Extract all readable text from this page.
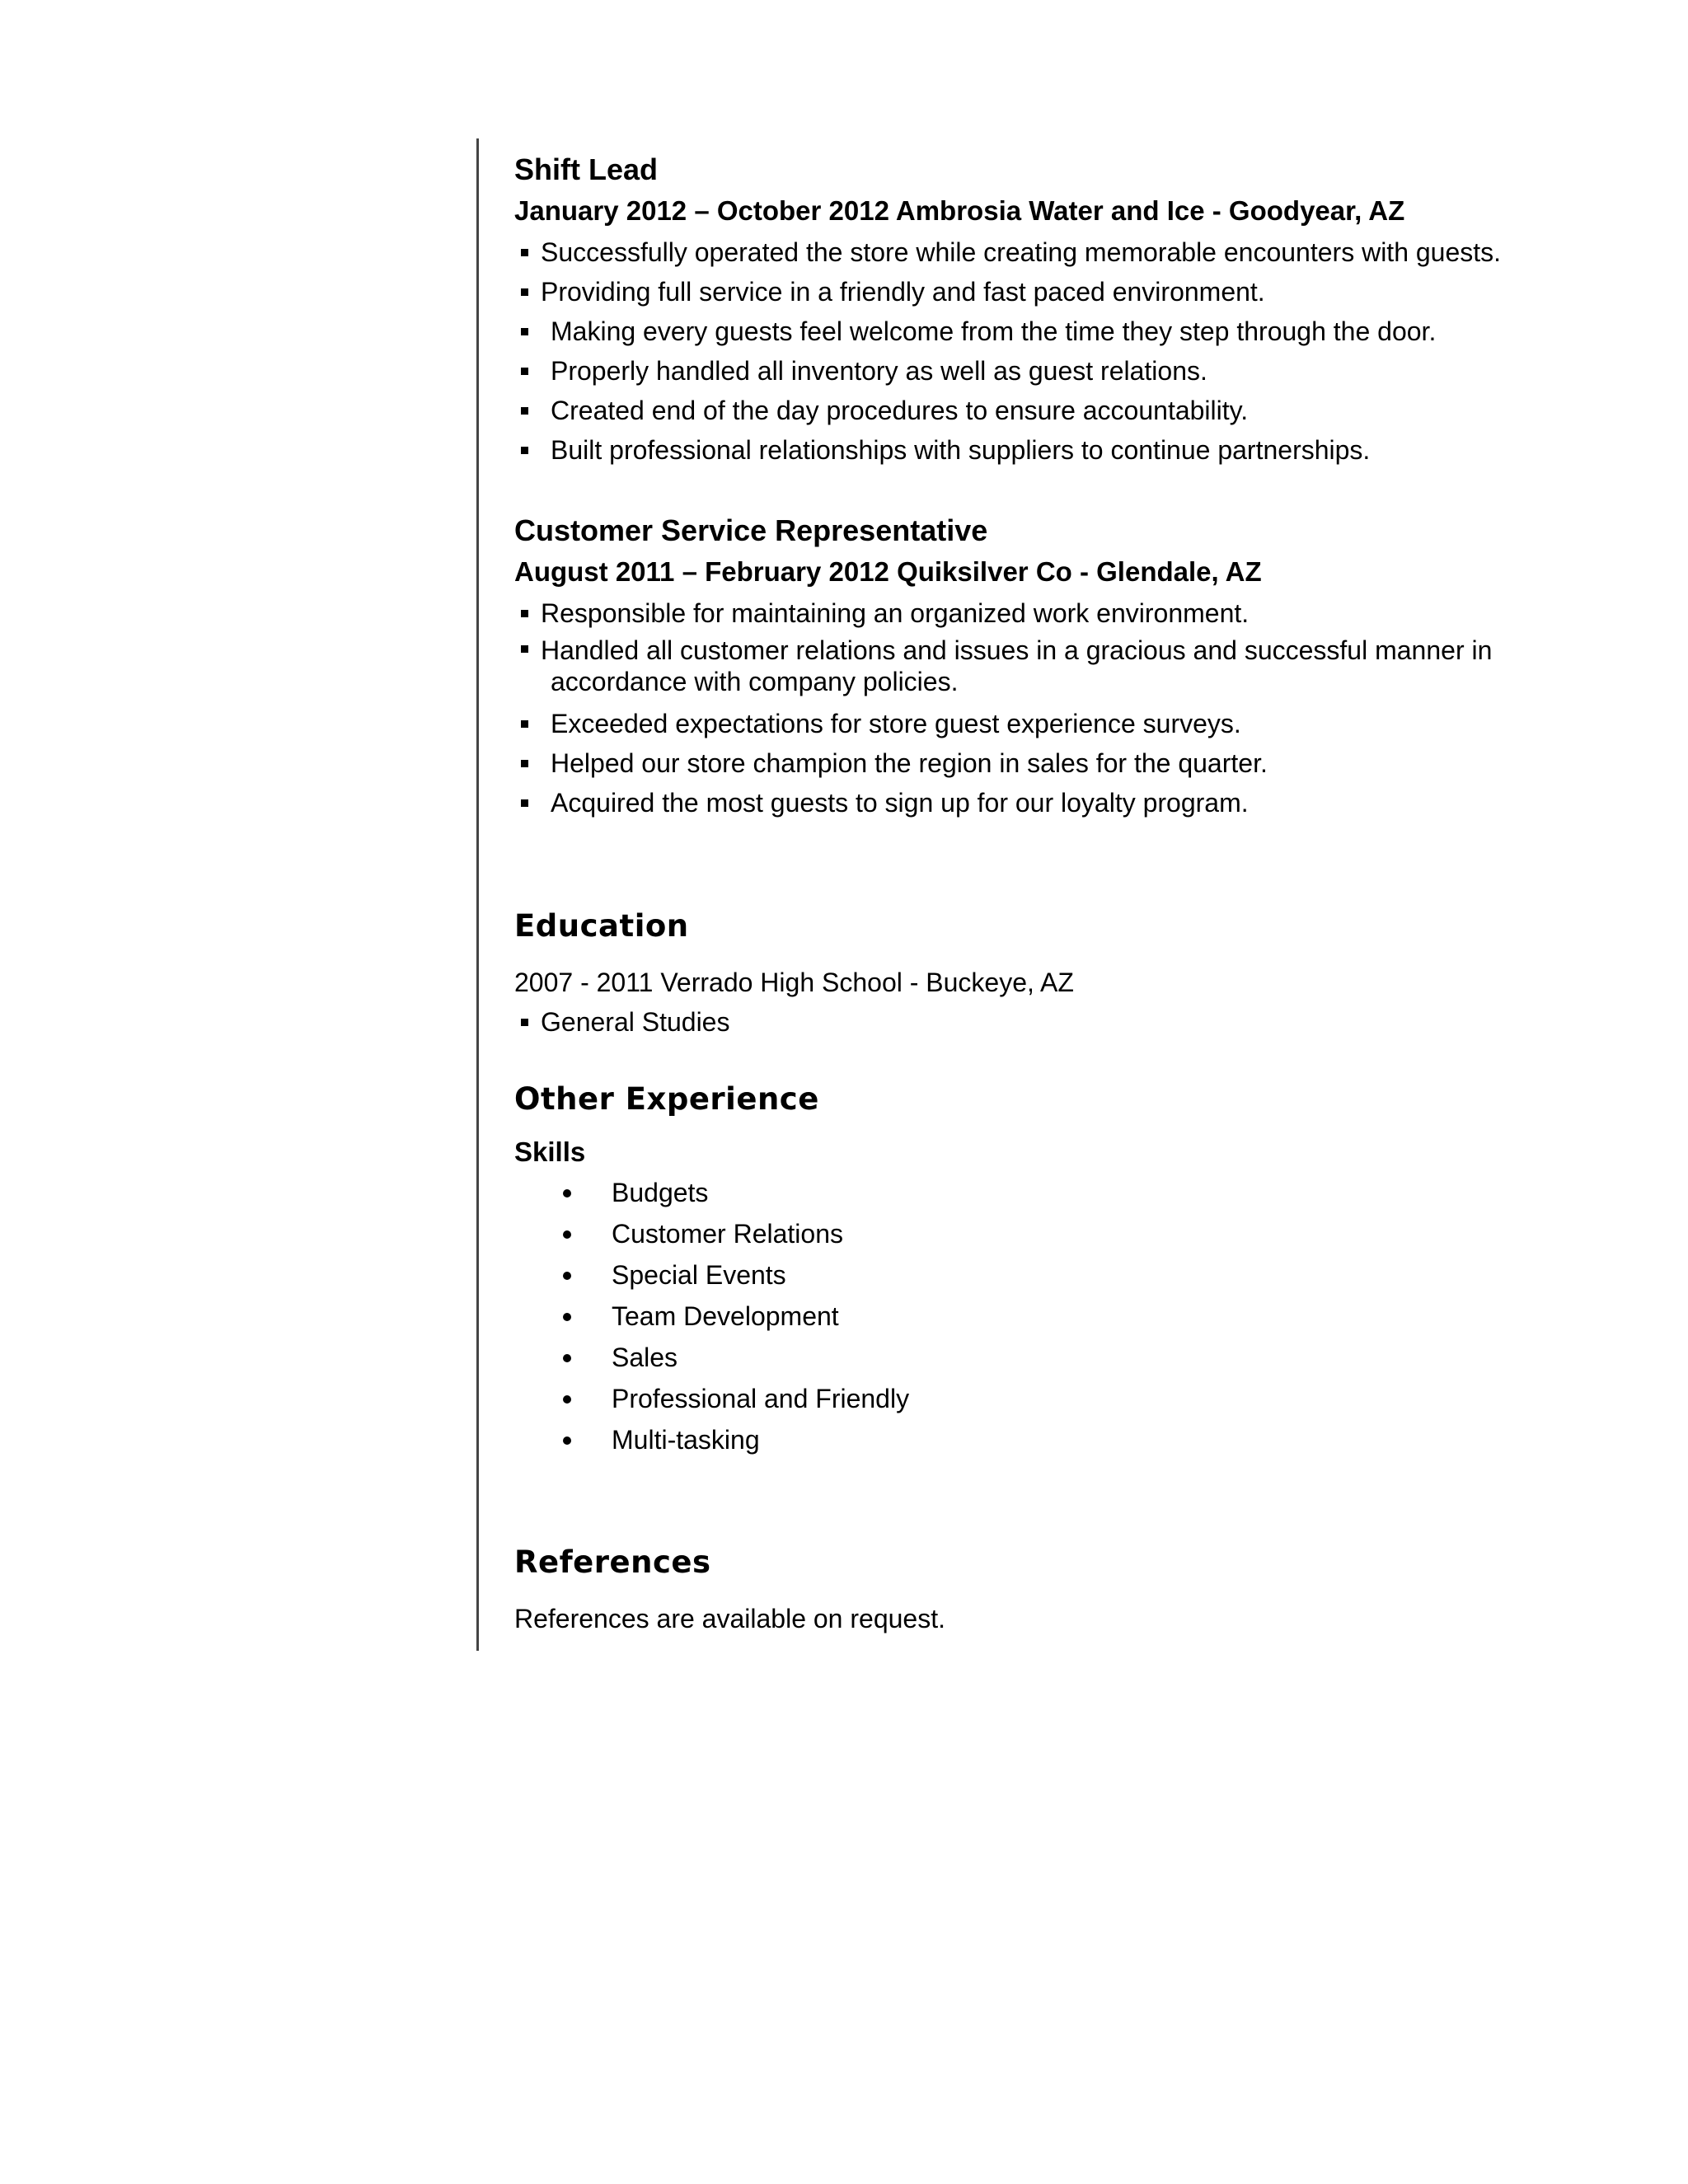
Shift Lead

January 2012 – October 2012 Ambrosia Water and Ice - Goodyear, AZ

Successfully operated the store while creating memorable encounters with guests.
Providing full service in a friendly and fast paced environment.
Making every guests feel welcome from the time they step through the door.
Properly handled all inventory as well as guest relations.
Created end of the day procedures to ensure accountability.
Built professional relationships with suppliers to continue partnerships.
Customer Service Representative

August 2011 – February 2012 Quiksilver Co - Glendale, AZ

Responsible for maintaining an organized work environment.
Handled all customer relations and issues in a gracious and successful manner in
accordance with company policies.
Exceeded expectations for store guest experience surveys.
Helped our store champion the region in sales for the quarter.
Acquired the most guests to sign up for our loyalty program.
Education

2007 - 2011 Verrado High School - Buckeye, AZ

General Studies
Other Experience

Skills

Budgets
Customer Relations
Special Events
Team Development
Sales
Professional and Friendly
Multi-tasking
References

References are available on request.
